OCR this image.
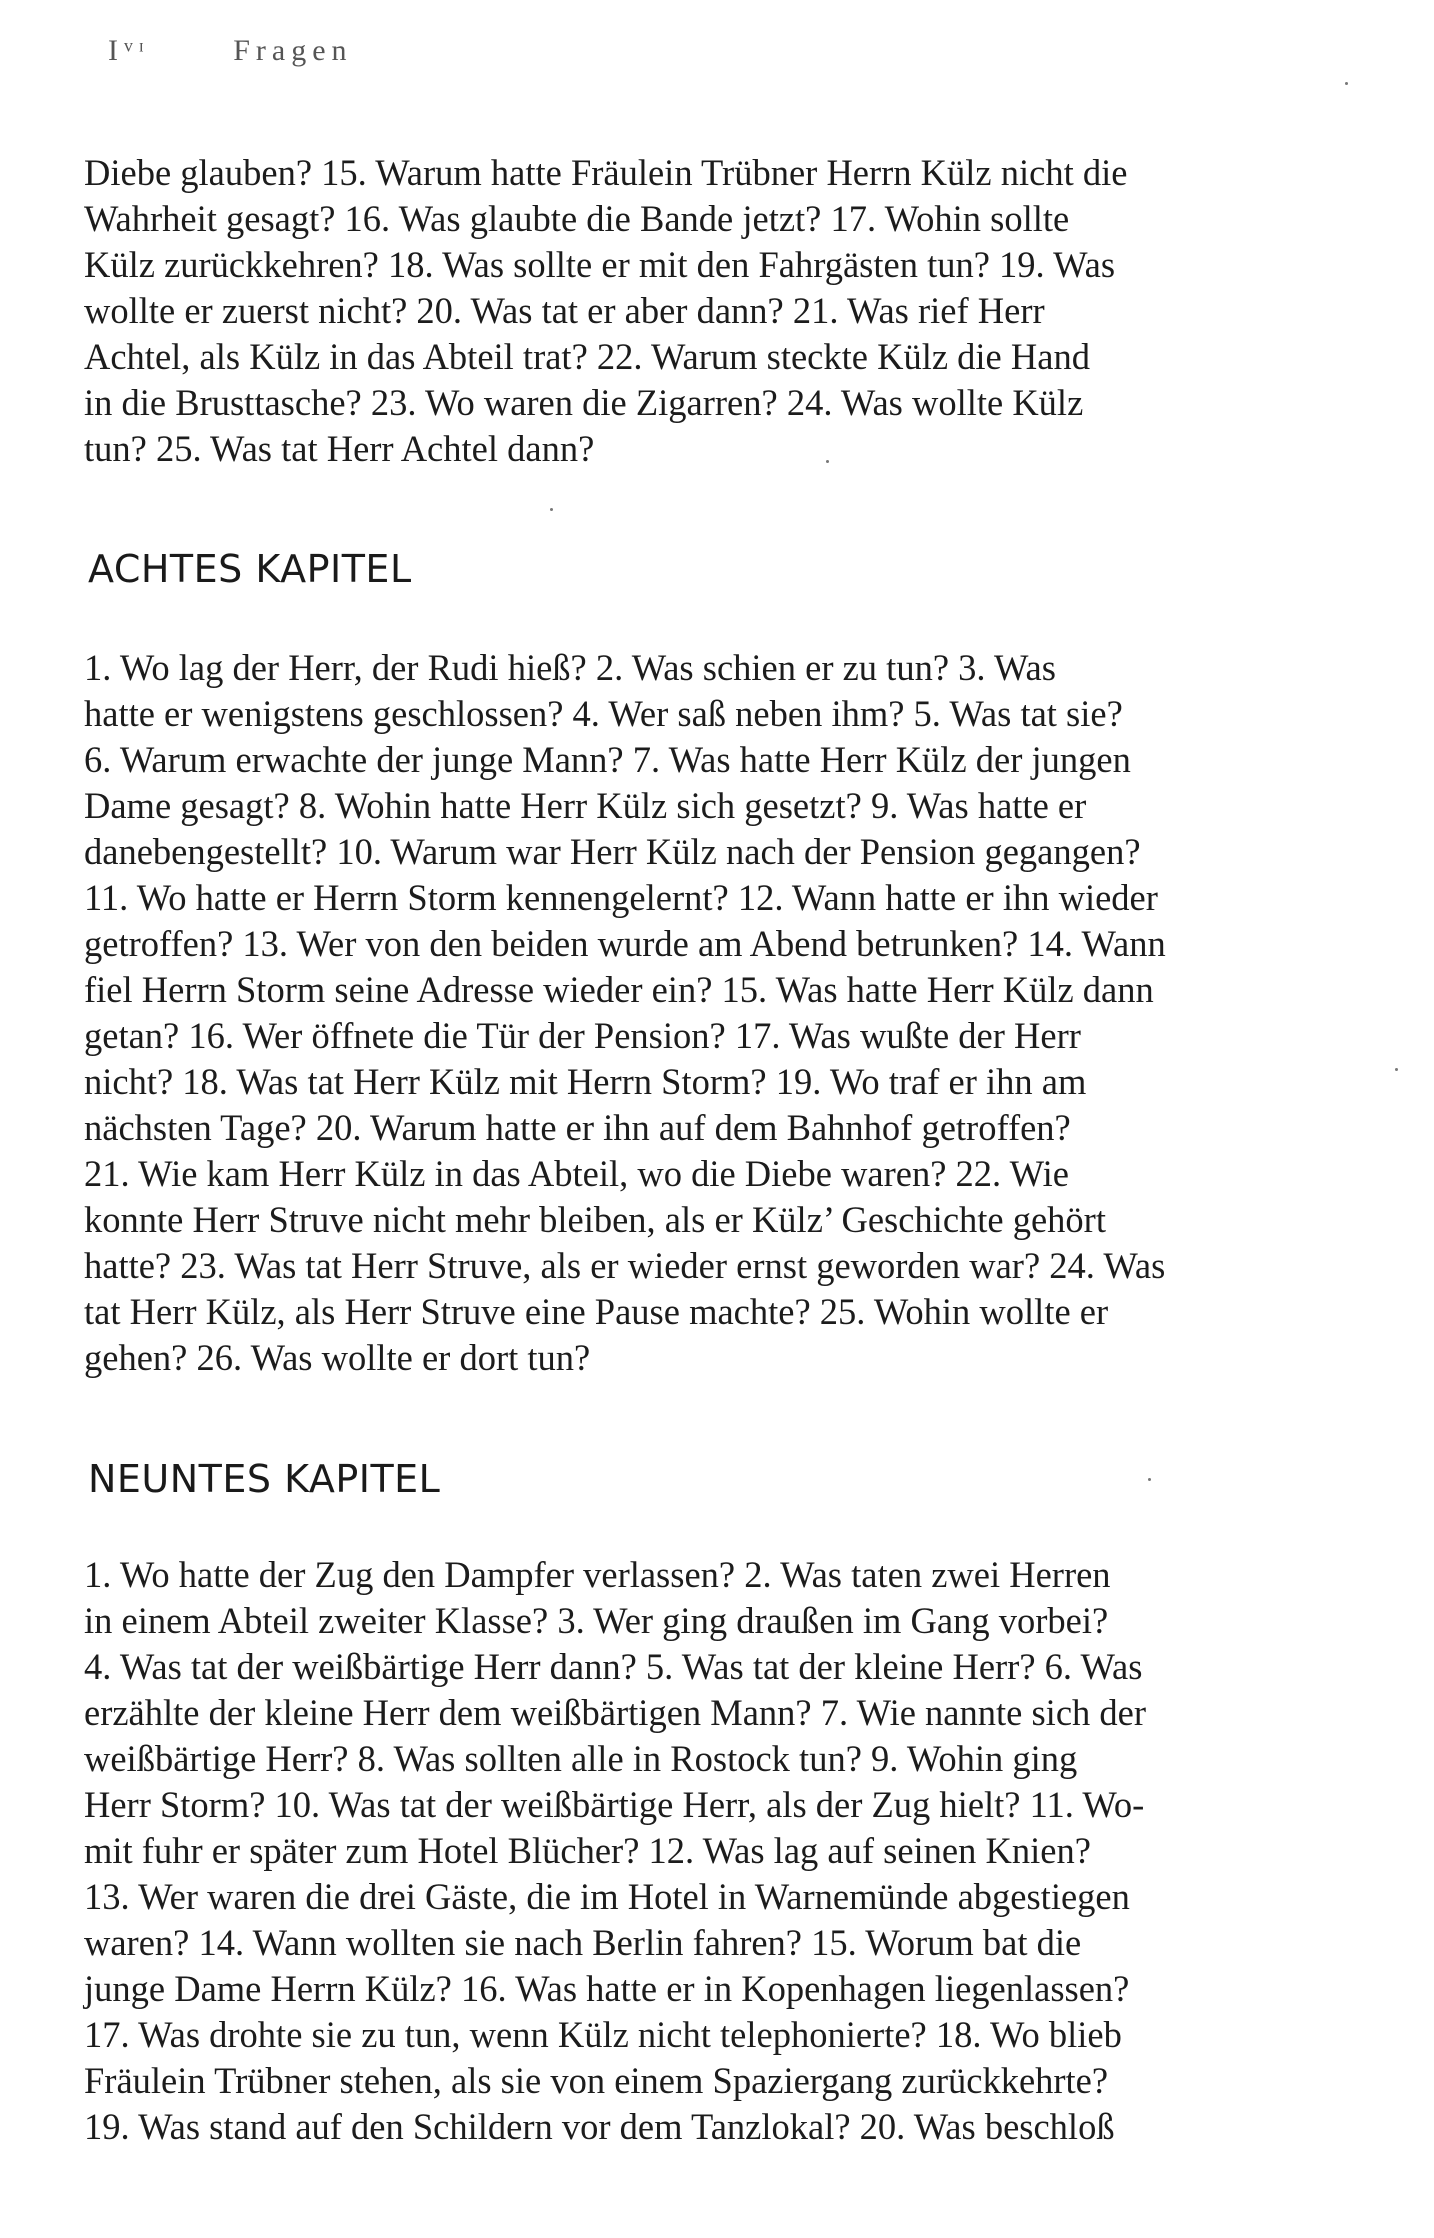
Iᵛᶦ	Fragen
Diebe glauben? 15. Warum hatte Fräulein Trübner Herrn Külz nicht die
Wahrheit gesagt? 16. Was glaubte die Bande jetzt? 17. Wohin sollte
Külz zurückkehren? 18. Was sollte er mit den Fahrgästen tun? 19. Was
wollte er zuerst nicht? 20. Was tat er aber dann? 21. Was rief Herr
Achtel, als Külz in das Abteil trat? 22. Warum steckte Külz die Hand
in die Brusttasche? 23. Wo waren die Zigarren? 24. Was wollte Külz
tun? 25. Was tat Herr Achtel dann?
ACHTES KAPITEL
1. Wo lag der Herr, der Rudi hieß? 2. Was schien er zu tun? 3. Was
hatte er wenigstens geschlossen? 4. Wer saß neben ihm? 5. Was tat sie?
6. Warum erwachte der junge Mann? 7. Was hatte Herr Külz der jungen
Dame gesagt? 8. Wohin hatte Herr Külz sich gesetzt? 9. Was hatte er
danebengestellt? 10. Warum war Herr Külz nach der Pension gegangen?
11. Wo hatte er Herrn Storm kennengelernt? 12. Wann hatte er ihn wieder
getroffen? 13. Wer von den beiden wurde am Abend betrunken? 14. Wann
fiel Herrn Storm seine Adresse wieder ein? 15. Was hatte Herr Külz dann
getan? 16. Wer öffnete die Tür der Pension? 17. Was wußte der Herr
nicht? 18. Was tat Herr Külz mit Herrn Storm? 19. Wo traf er ihn am
nächsten Tage? 20. Warum hatte er ihn auf dem Bahnhof getroffen?
21. Wie kam Herr Külz in das Abteil, wo die Diebe waren? 22. Wie
konnte Herr Struve nicht mehr bleiben, als er Külz’ Geschichte gehört
hatte? 23. Was tat Herr Struve, als er wieder ernst geworden war? 24. Was
tat Herr Külz, als Herr Struve eine Pause machte? 25. Wohin wollte er
gehen? 26. Was wollte er dort tun?
NEUNTES KAPITEL
1. Wo hatte der Zug den Dampfer verlassen? 2. Was taten zwei Herren
in einem Abteil zweiter Klasse? 3. Wer ging draußen im Gang vorbei?
4. Was tat der weißbärtige Herr dann? 5. Was tat der kleine Herr? 6. Was
erzählte der kleine Herr dem weißbärtigen Mann? 7. Wie nannte sich der
weißbärtige Herr? 8. Was sollten alle in Rostock tun? 9. Wohin ging
Herr Storm? 10. Was tat der weißbärtige Herr, als der Zug hielt? 11. Wo-
mit fuhr er später zum Hotel Blücher? 12. Was lag auf seinen Knien?
13. Wer waren die drei Gäste, die im Hotel in Warnemünde abgestiegen
waren? 14. Wann wollten sie nach Berlin fahren? 15. Worum bat die
junge Dame Herrn Külz? 16. Was hatte er in Kopenhagen liegenlassen?
17. Was drohte sie zu tun, wenn Külz nicht telephonierte? 18. Wo blieb
Fräulein Trübner stehen, als sie von einem Spaziergang zurückkehrte?
19. Was stand auf den Schildern vor dem Tanzlokal? 20. Was beschloß
